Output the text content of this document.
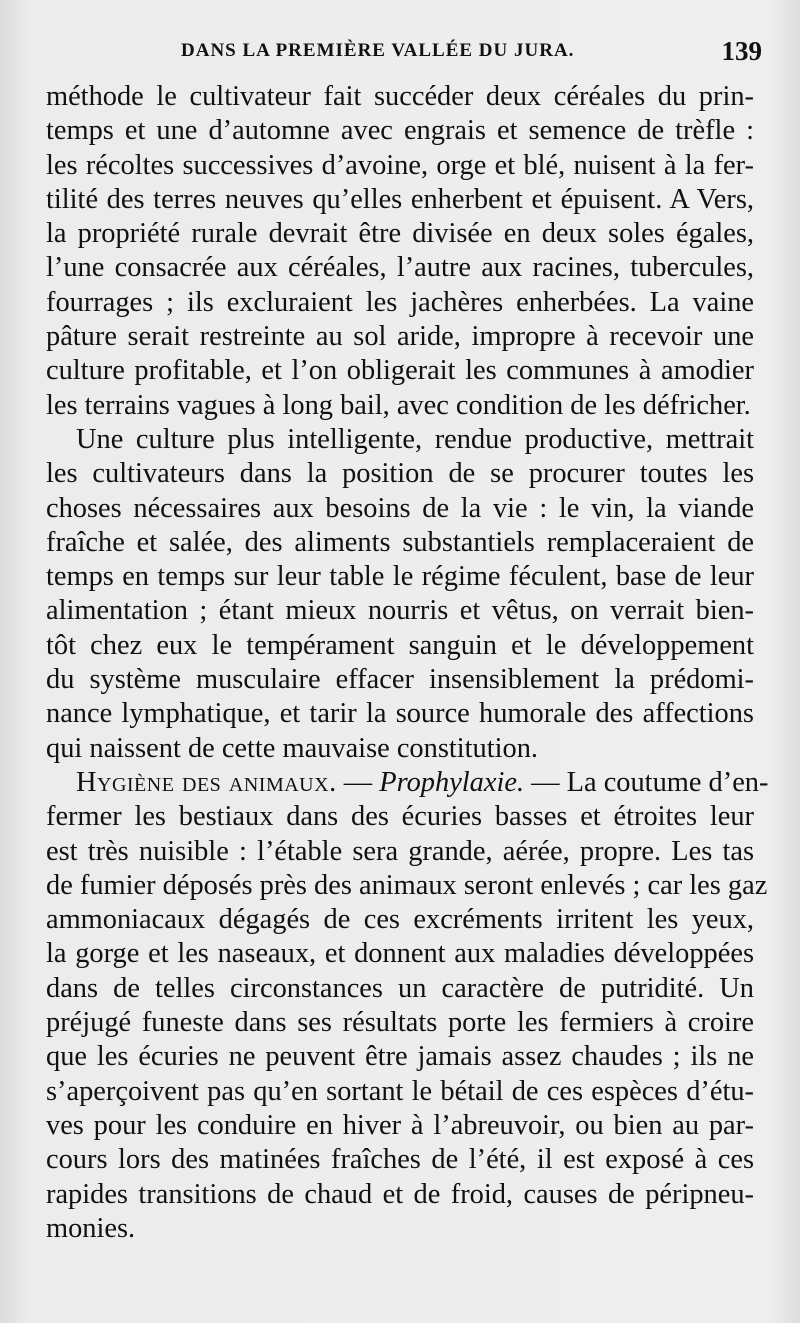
DANS LA PREMIÈRE VALLÉE DU JURA.	139

méthode le cultivateur fait succéder deux céréales du prin-
temps et une d’automne avec engrais et semence de trèfle :
les récoltes successives d’avoine, orge et blé, nuisent à la fer-
tilité des terres neuves qu’elles enherbent et épuisent. A Vers,
la propriété rurale devrait être divisée en deux soles égales,
l’une consacrée aux céréales, l’autre aux racines, tubercules,
fourrages ; ils excluraient les jachères enherbées. La vaine
pâture serait restreinte au sol aride, impropre à recevoir une
culture profitable, et l’on obligerait les communes à amodier
les terrains vagues à long bail, avec condition de les défricher.

Une culture plus intelligente, rendue productive, mettrait
les cultivateurs dans la position de se procurer toutes les
choses nécessaires aux besoins de la vie : le vin, la viande
fraîche et salée, des aliments substantiels remplaceraient de
temps en temps sur leur table le régime féculent, base de leur
alimentation ; étant mieux nourris et vêtus, on verrait bien-
tôt chez eux le tempérament sanguin et le développement
du système musculaire effacer insensiblement la prédomi-
nance lymphatique, et tarir la source humorale des affections
qui naissent de cette mauvaise constitution.

Hygiène des animaux. — Prophylaxie. — La coutume d’en-
fermer les bestiaux dans des écuries basses et étroites leur
est très nuisible : l’étable sera grande, aérée, propre. Les tas
de fumier déposés près des animaux seront enlevés ; car les gaz
ammoniacaux dégagés de ces excréments irritent les yeux,
la gorge et les naseaux, et donnent aux maladies développées
dans de telles circonstances un caractère de putridité. Un
préjugé funeste dans ses résultats porte les fermiers à croire
que les écuries ne peuvent être jamais assez chaudes ; ils ne
s’aperçoivent pas qu’en sortant le bétail de ces espèces d’étu-
ves pour les conduire en hiver à l’abreuvoir, ou bien au par-
cours lors des matinées fraîches de l’été, il est exposé à ces
rapides transitions de chaud et de froid, causes de péripneu-
monies.
